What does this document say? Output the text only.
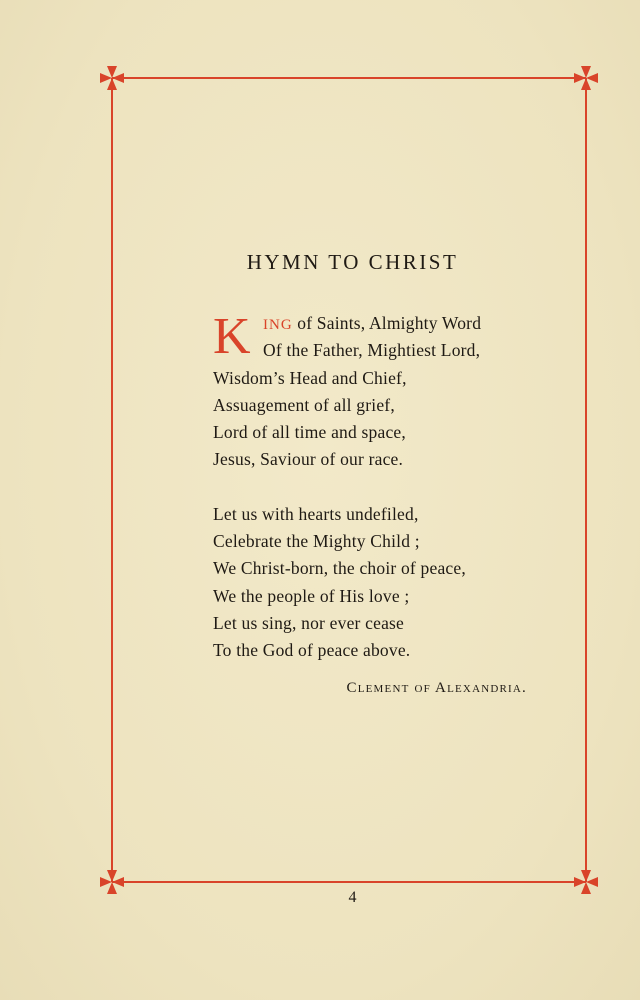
HYMN TO CHRIST
K ING of Saints, Almighty Word
Of the Father, Mightiest Lord,
Wisdom’s Head and Chief,
Assuagement of all grief,
Lord of all time and space,
Jesus, Saviour of our race.
Let us with hearts undefiled,
Celebrate the Mighty Child ;
We Christ-born, the choir of peace,
We the people of His love ;
Let us sing, nor ever cease
To the God of peace above.
Clement of Alexandria.
4
